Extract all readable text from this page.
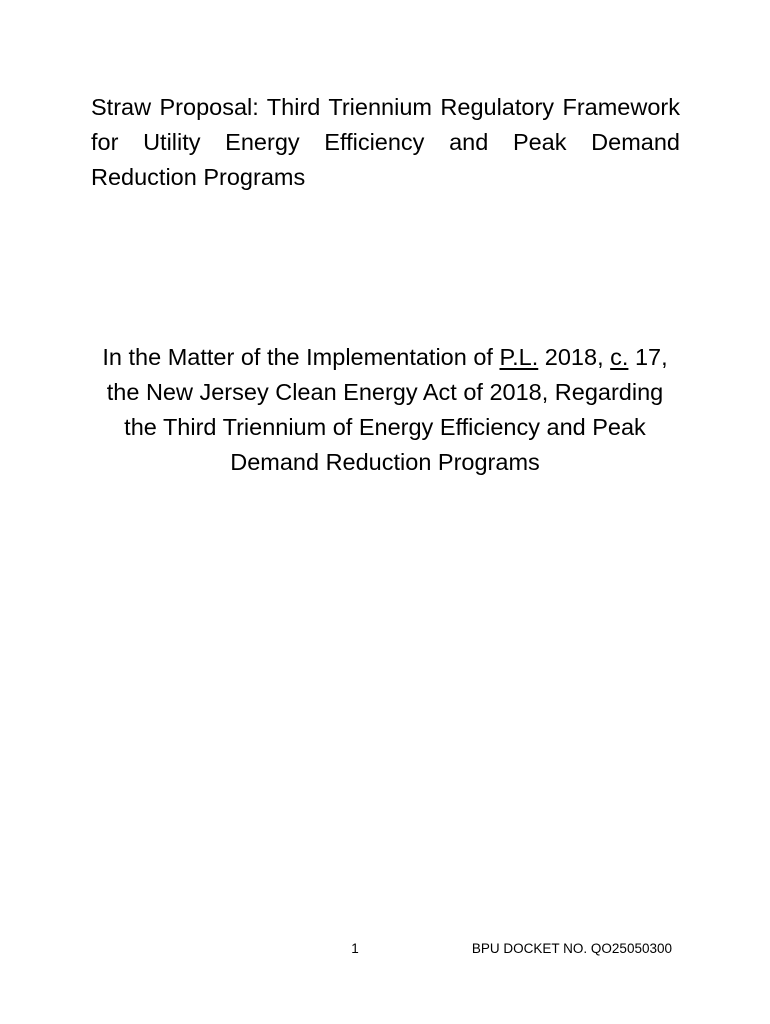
Straw Proposal: Third Triennium Regulatory Framework for Utility Energy Efficiency and Peak Demand Reduction Programs

In the Matter of the Implementation of P.L. 2018, c. 17, the New Jersey Clean Energy Act of 2018, Regarding the Third Triennium of Energy Efficiency and Peak Demand Reduction Programs

1	BPU DOCKET NO. QO25050300
